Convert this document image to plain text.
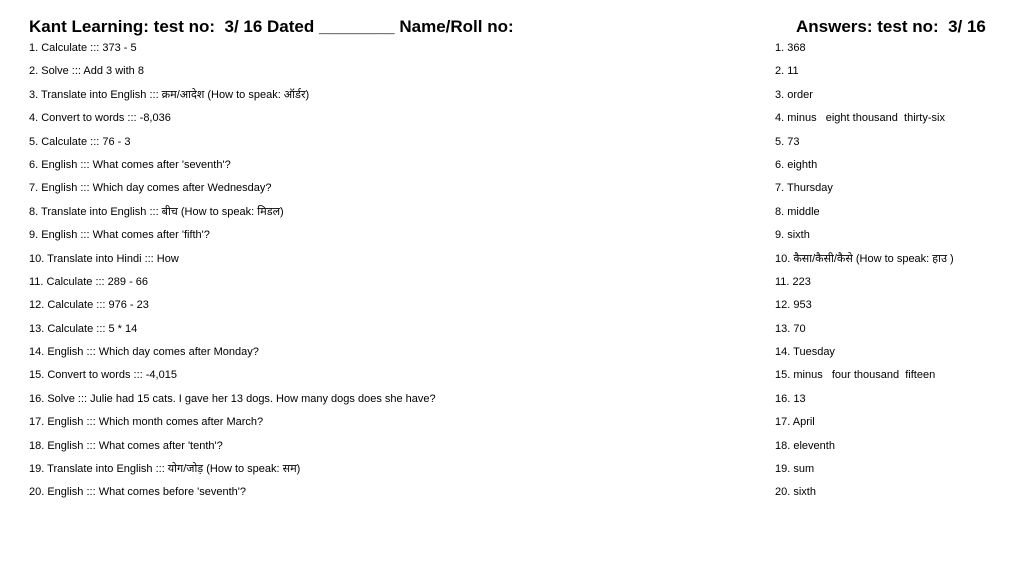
Kant Learning: test no:  3/ 16 Dated ________ Name/Roll no:
1. Calculate ::: 373 - 5
2. Solve ::: Add 3 with 8
3. Translate into English ::: क्रम/आदेश (How to speak: ऑर्डर)
4. Convert to words ::: -8,036
5. Calculate ::: 76 - 3
6. English ::: What comes after 'seventh'?
7. English ::: Which day comes after Wednesday?
8. Translate into English ::: बीच (How to speak: मिडल)
9. English ::: What comes after 'fifth'?
10. Translate into Hindi ::: How
11. Calculate ::: 289 - 66
12. Calculate ::: 976 - 23
13. Calculate ::: 5 * 14
14. English ::: Which day comes after Monday?
15. Convert to words ::: -4,015
16. Solve ::: Julie had 15 cats. I gave her 13 dogs. How many dogs does she have?
17. English ::: Which month comes after March?
18. English ::: What comes after 'tenth'?
19. Translate into English ::: योग/जोड़ (How to speak: सम)
20. English ::: What comes before 'seventh'?
Answers: test no:  3/ 16
1. 368
2. 11
3. order
4. minus   eight thousand  thirty-six
5. 73
6. eighth
7. Thursday
8. middle
9. sixth
10. कैसा/कैसी/कैसे (How to speak: हाउ )
11. 223
12. 953
13. 70
14. Tuesday
15. minus   four thousand  fifteen
16. 13
17. April
18. eleventh
19. sum
20. sixth
